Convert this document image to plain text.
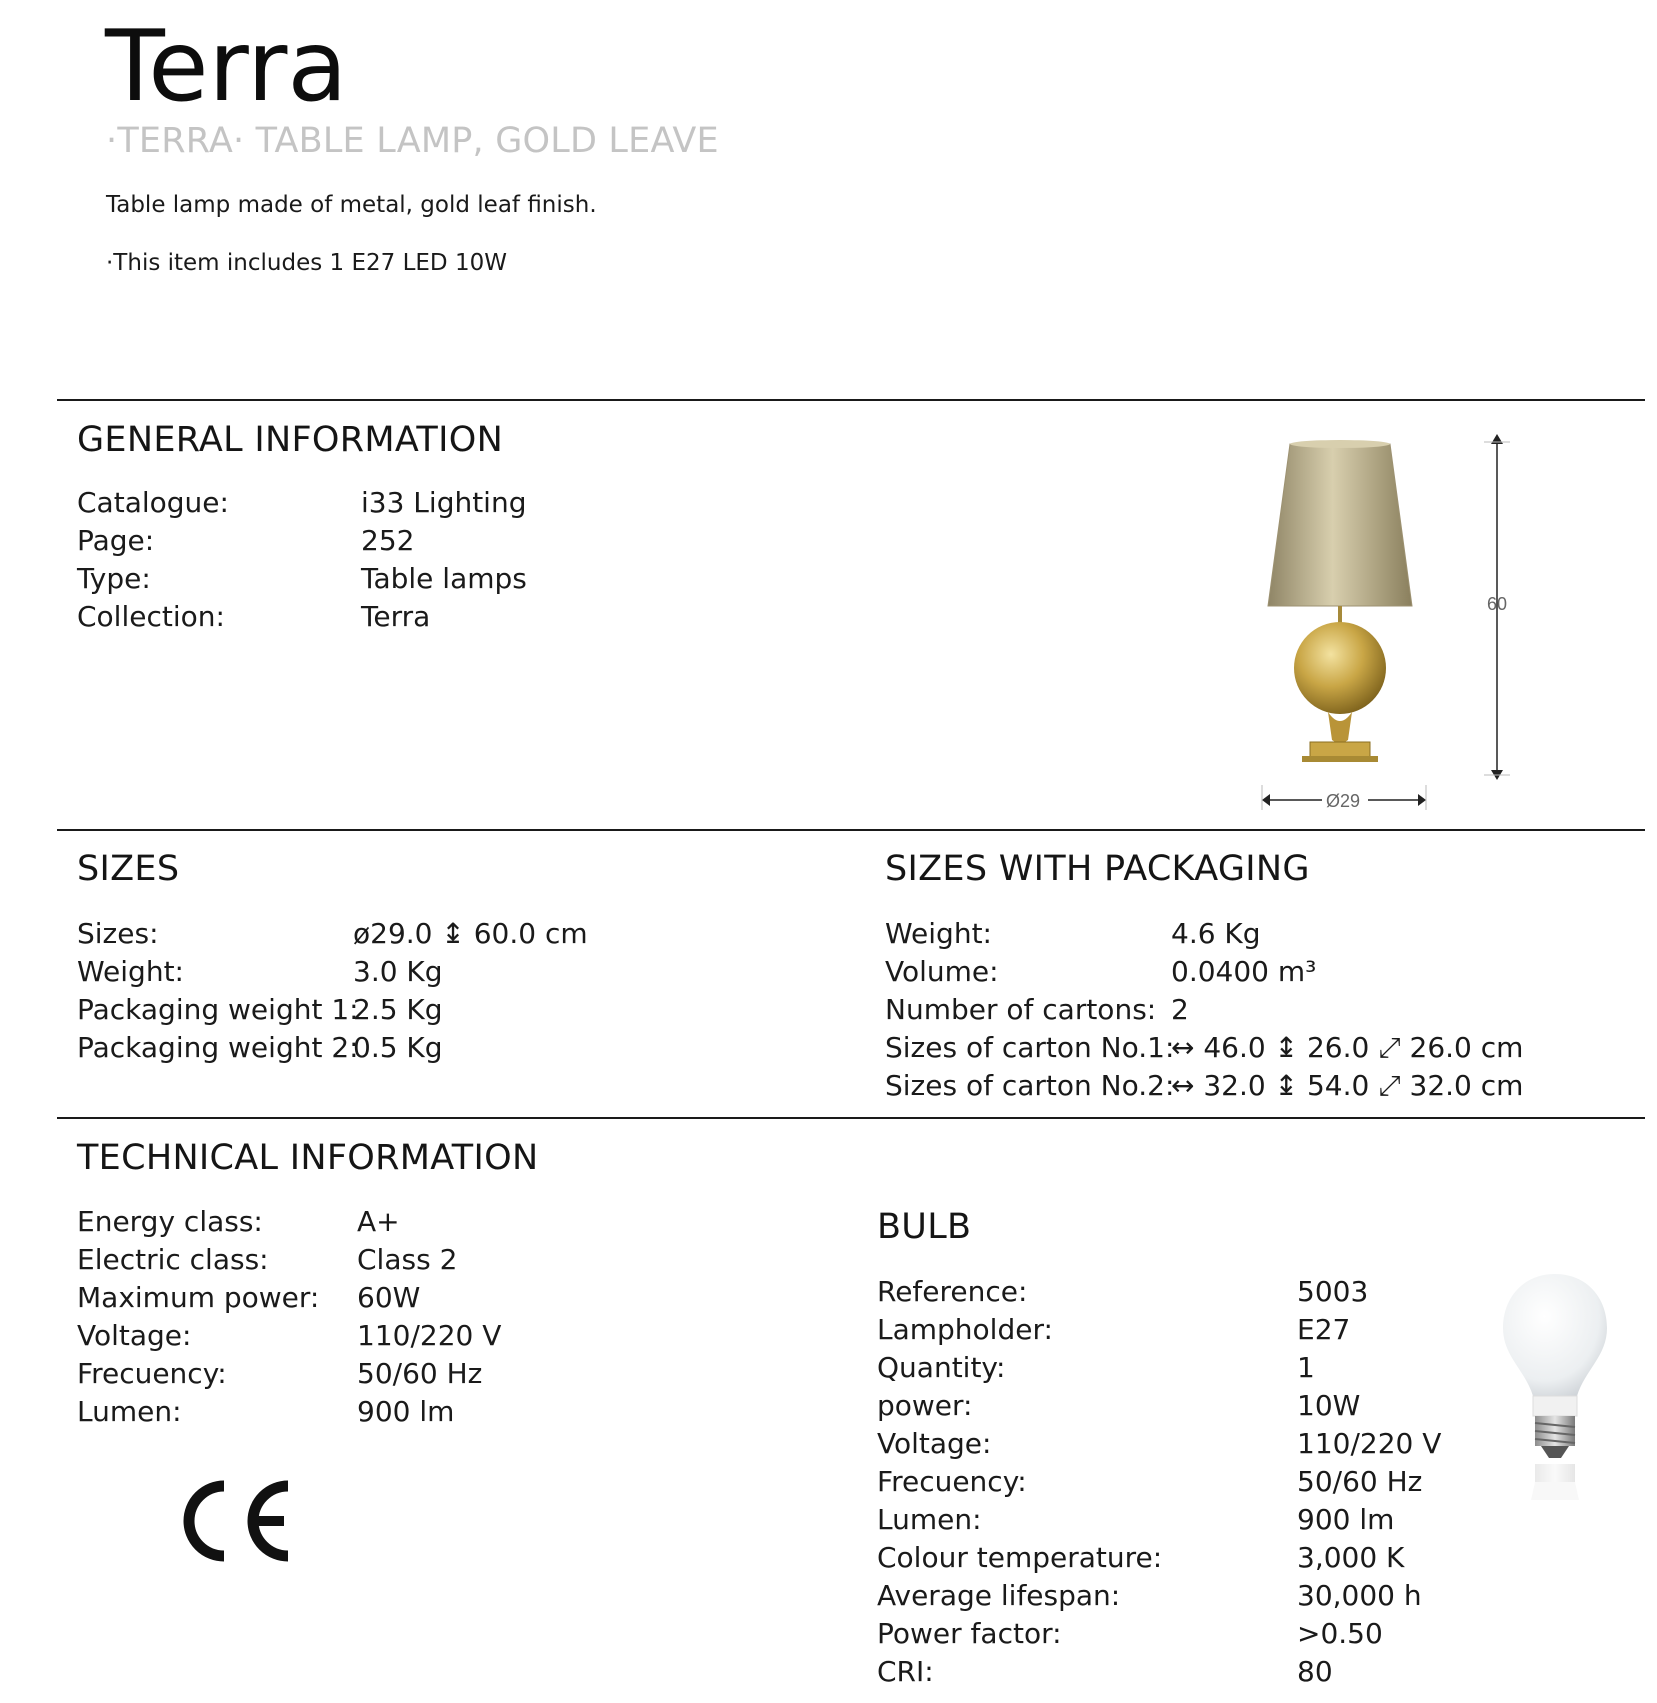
Terra
·TERRA· TABLE LAMP, GOLD LEAVE
Table lamp made of metal, gold leaf finish.
·This item includes 1 E27 LED 10W
GENERAL INFORMATION
Catalogue:	i33 Lighting
Page:	252
Type:	Table lamps
Collection:	Terra	60
Ø29
SIZES
Sizes:	ø29.0 ↨ 60.0 cm
Weight:	3.0 Kg
Packaging weight 1:
2.5 Kg
Packaging weight 2:
0.5 Kg
SIZES WITH PACKAGING
Weight:	4.6 Kg
Volume:	0.0400 m³
Number of cartons: 2
Sizes of carton No.1:
↔ 46.0 ↨ 26.0 ⤢ 26.0 cm
Sizes of carton No.2:
↔ 32.0 ↨ 54.0 ⤢ 32.0 cm
TECHNICAL INFORMATION
Energy class:	A+
Electric class:	Class 2
Maximum power: 60W
Voltage:	110/220 V
Frecuency:	50/60 Hz
Lumen:	900 lm
BULB
Reference:	5003
Lampholder:	E27
Quantity:	1
power:	10W
Voltage:	110/220 V
Frecuency:	50/60 Hz
Lumen:	900 lm
Colour temperature:	3,000 K
Average lifespan:	30,000 h
Power factor:	>0.50
CRI:	80
